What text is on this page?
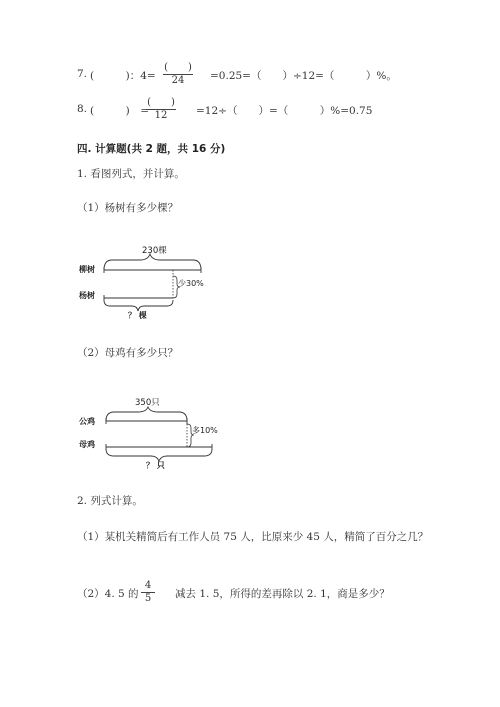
7. (　　　)：4=
(　　)
24	=0.25=（　　）÷12=（　　　）%。
8. (　　　)　=
(　　)
12	=12÷（　　）=（　　　）%=0.75
四. 计算题(共 2 题，共 16 分)
1. 看图列式，并计算。
（1）杨树有多少棵？
230棵
柳树
少30%
杨树
？ 棵
（2）母鸡有多少只？
350只
公鸡
多10%
母鸡
？ 只
2. 列式计算。
（1）某机关精简后有工作人员 75 人，比原来少 45 人，精简了百分之几？
（2）4. 5 的
4
5	减去 1. 5，所得的差再除以 2. 1，商是多少？
